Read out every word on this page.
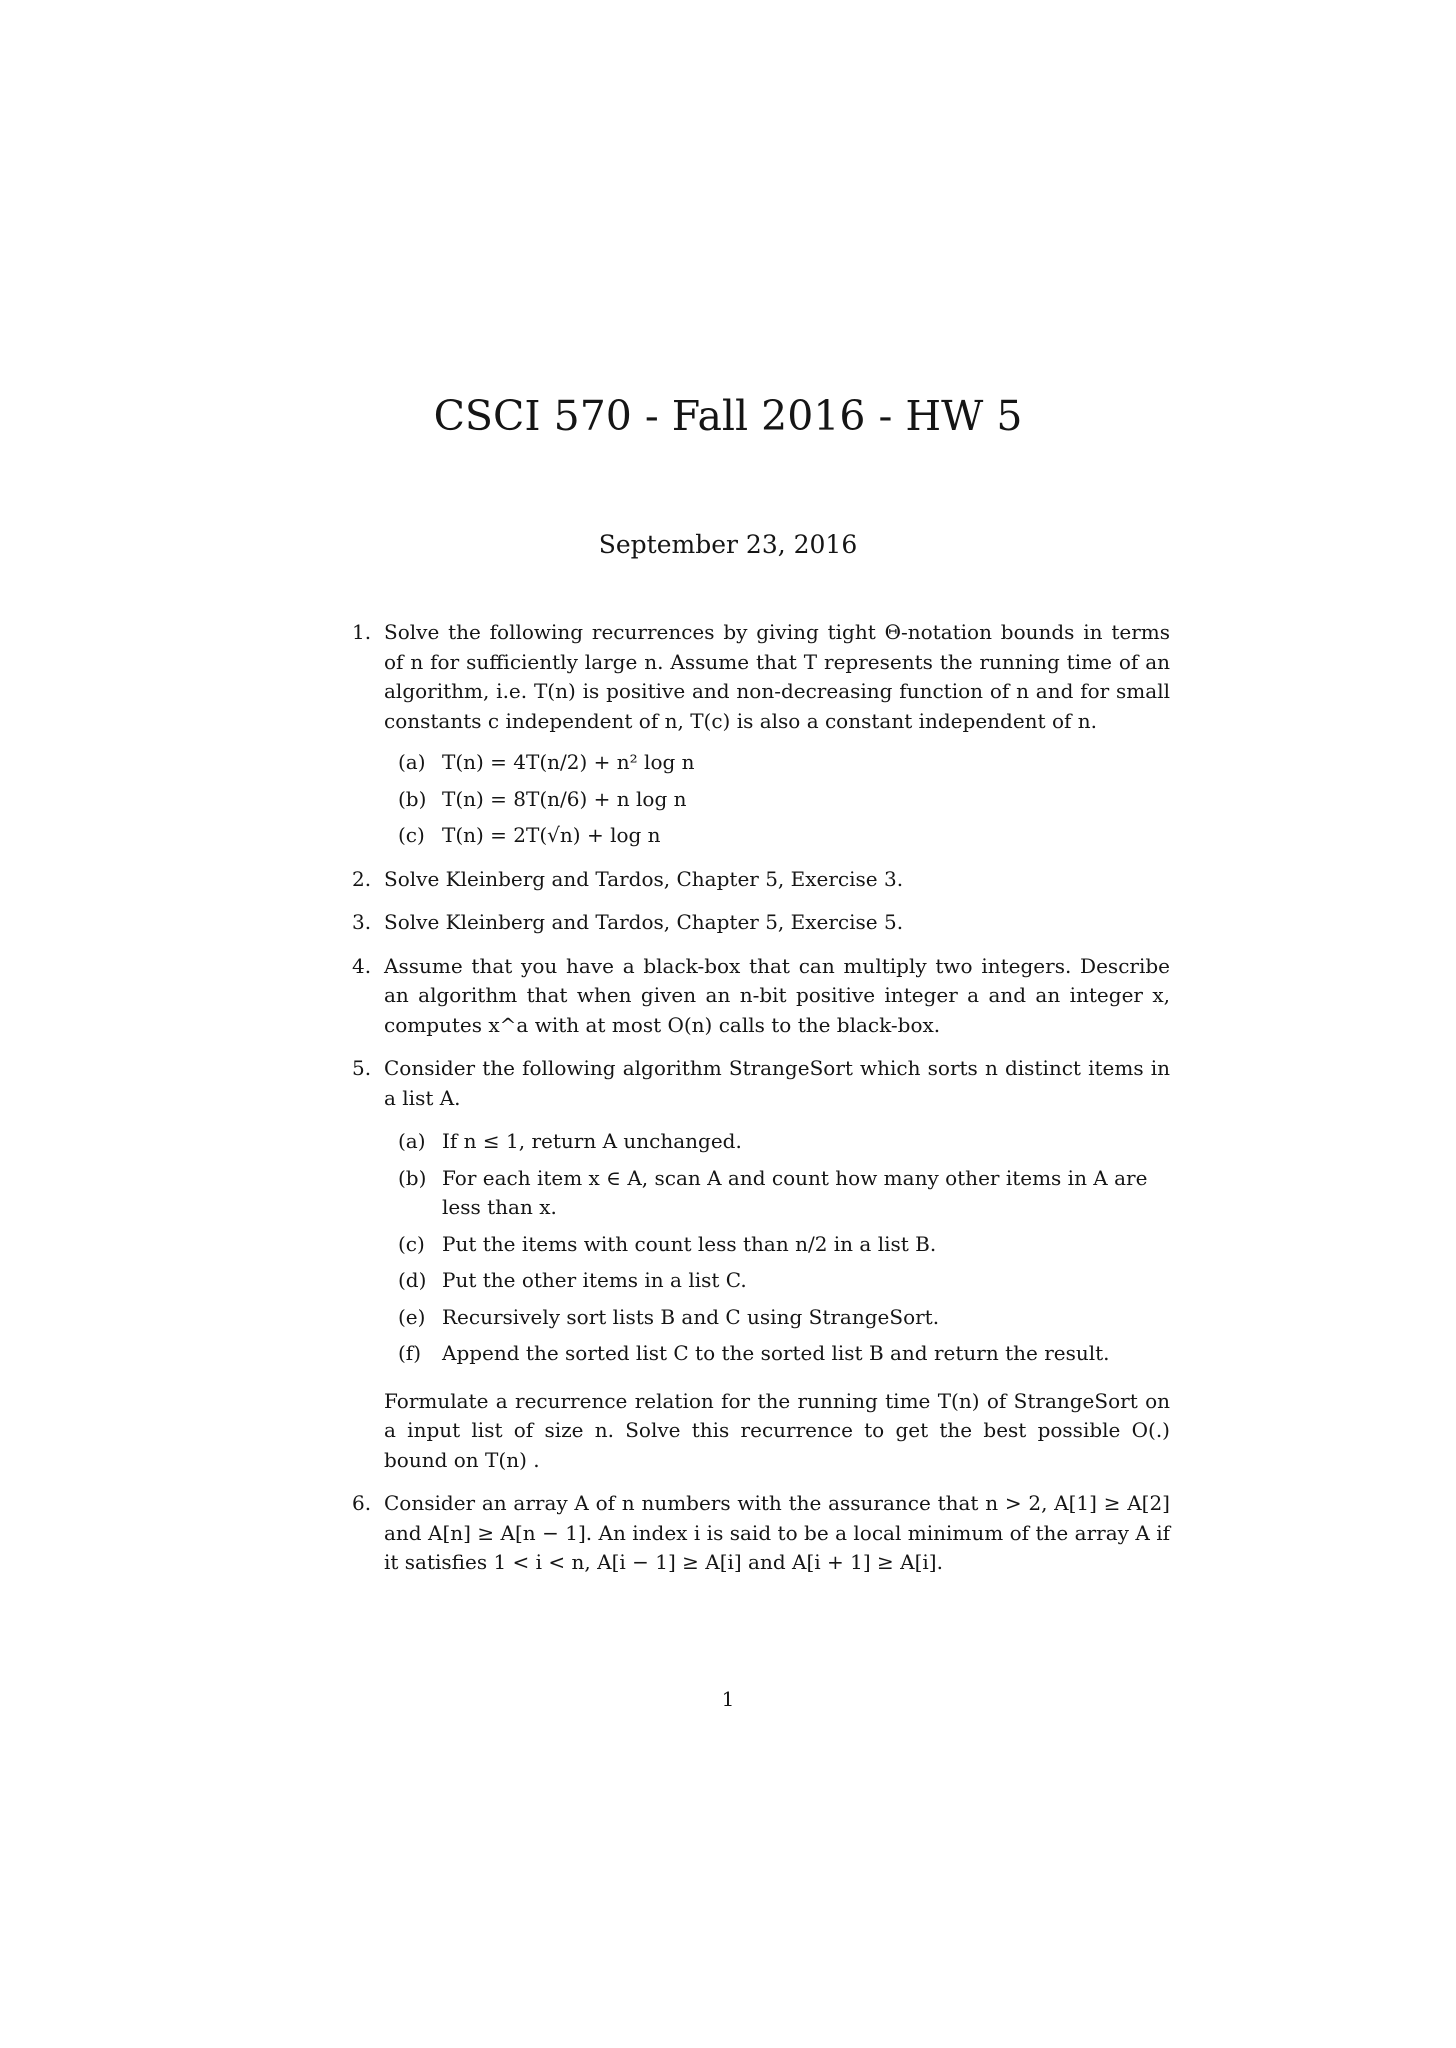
CSCI 570 - Fall 2016 - HW 5
September 23, 2016
1. Solve the following recurrences by giving tight Θ-notation bounds in terms of n for sufficiently large n. Assume that T represents the running time of an algorithm, i.e. T(n) is positive and non-decreasing function of n and for small constants c independent of n, T(c) is also a constant independent of n.
(a) T(n) = 4T(n/2) + n² log n
(b) T(n) = 8T(n/6) + n log n
(c) T(n) = 2T(√n) + log n
2. Solve Kleinberg and Tardos, Chapter 5, Exercise 3.
3. Solve Kleinberg and Tardos, Chapter 5, Exercise 5.
4. Assume that you have a black-box that can multiply two integers. Describe an algorithm that when given an n-bit positive integer a and an integer x, computes x^a with at most O(n) calls to the black-box.
5. Consider the following algorithm StrangeSort which sorts n distinct items in a list A.
(a) If n ≤ 1, return A unchanged.
(b) For each item x ∈ A, scan A and count how many other items in A are less than x.
(c) Put the items with count less than n/2 in a list B.
(d) Put the other items in a list C.
(e) Recursively sort lists B and C using StrangeSort.
(f) Append the sorted list C to the sorted list B and return the result.
Formulate a recurrence relation for the running time T(n) of StrangeSort on a input list of size n. Solve this recurrence to get the best possible O(.) bound on T(n) .
6. Consider an array A of n numbers with the assurance that n > 2, A[1] ≥ A[2] and A[n] ≥ A[n − 1]. An index i is said to be a local minimum of the array A if it satisfies 1 < i < n, A[i − 1] ≥ A[i] and A[i + 1] ≥ A[i].
1
